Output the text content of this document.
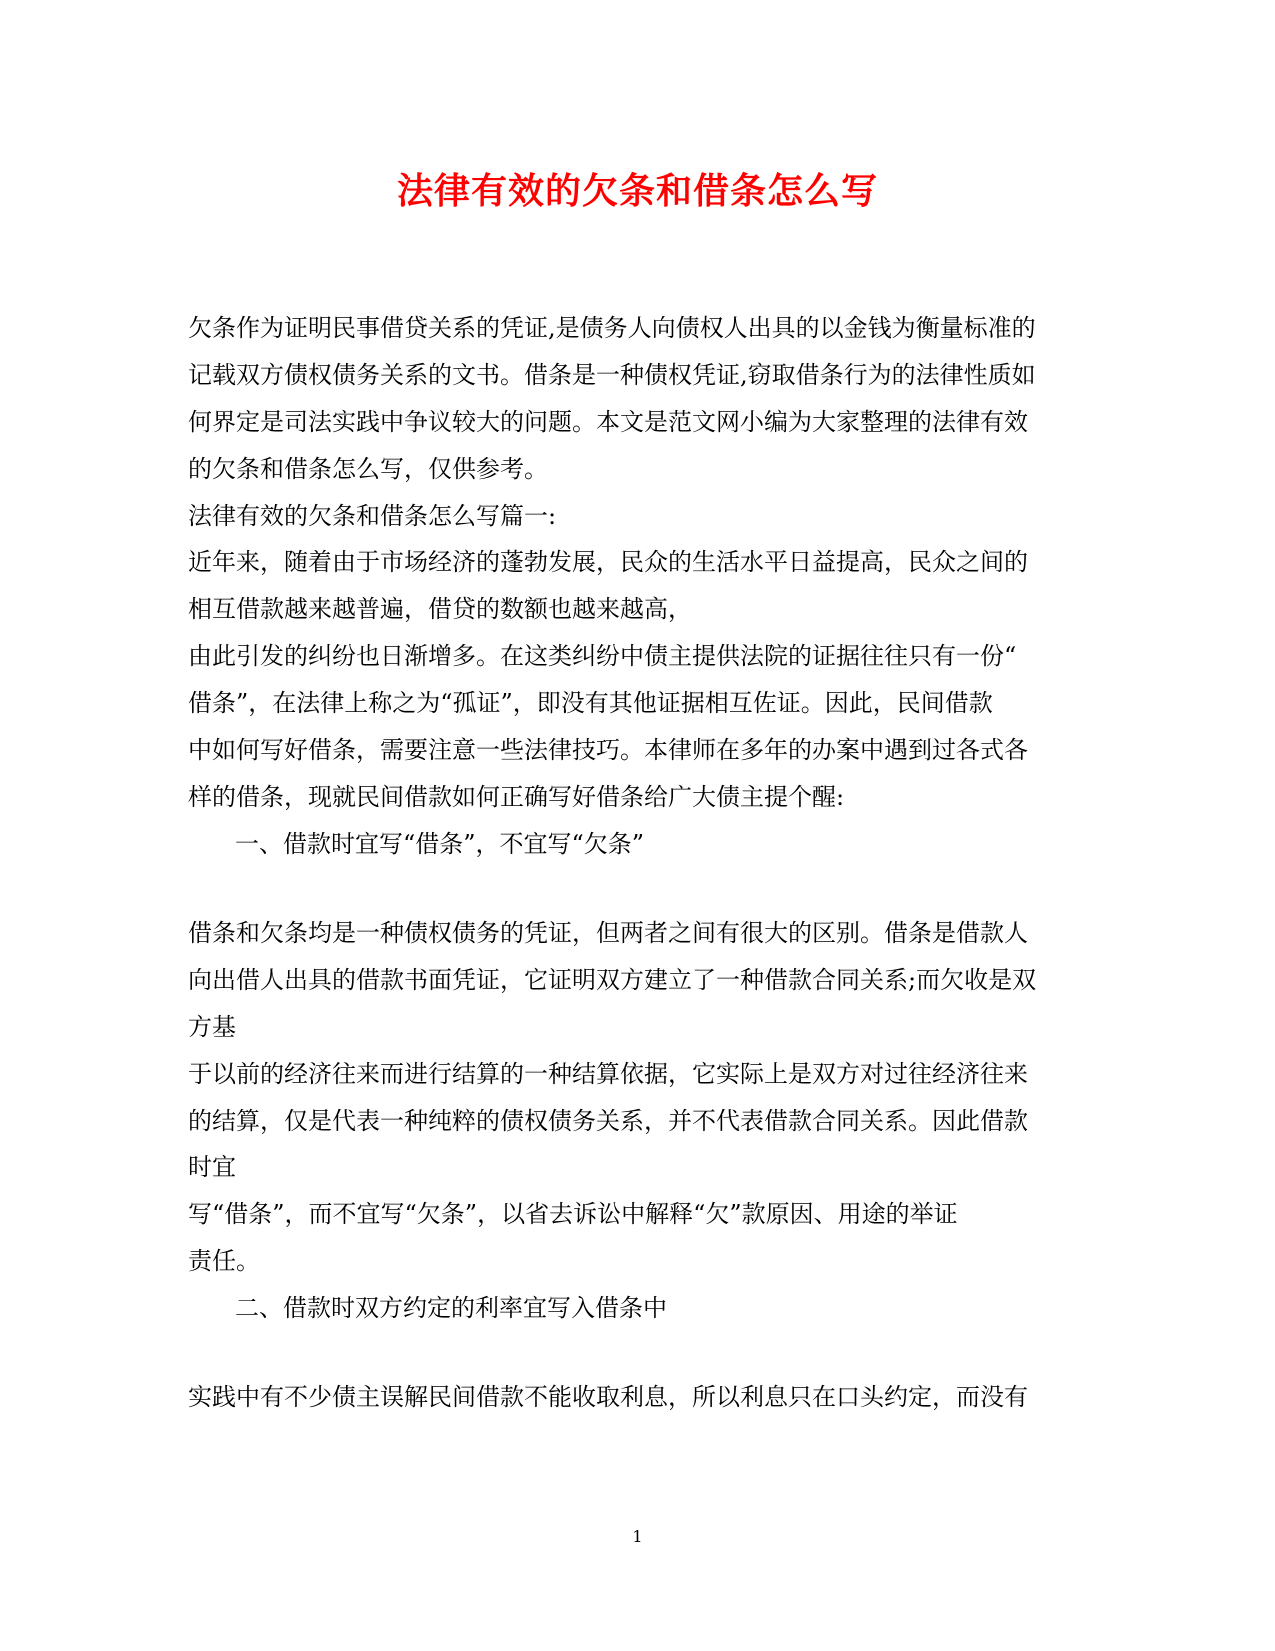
法律有效的欠条和借条怎么写
欠条作为证明民事借贷关系的凭证,是债务人向债权人出具的以金钱为衡量标准的
记载双方债权债务关系的文书。借条是一种债权凭证,窃取借条行为的法律性质如
何界定是司法实践中争议较大的问题。本文是范文网小编为大家整理的法律有效
的欠条和借条怎么写，仅供参考。
法律有效的欠条和借条怎么写篇一:
近年来，随着由于市场经济的蓬勃发展，民众的生活水平日益提高，民众之间的
相互借款越来越普遍，借贷的数额也越来越高，
由此引发的纠纷也日渐增多。在这类纠纷中债主提供法院的证据往往只有一份“
借条”，在法律上称之为“孤证”，即没有其他证据相互佐证。因此，民间借款
中如何写好借条，需要注意一些法律技巧。本律师在多年的办案中遇到过各式各
样的借条，现就民间借款如何正确写好借条给广大债主提个醒:
一、借款时宜写“借条”，不宜写“欠条”
借条和欠条均是一种债权债务的凭证，但两者之间有很大的区别。借条是借款人
向出借人出具的借款书面凭证，它证明双方建立了一种借款合同关系;而欠收是双
方基
于以前的经济往来而进行结算的一种结算依据，它实际上是双方对过往经济往来
的结算，仅是代表一种纯粹的债权债务关系，并不代表借款合同关系。因此借款
时宜
写“借条”，而不宜写“欠条”，以省去诉讼中解释“欠”款原因、用途的举证
责任。
二、借款时双方约定的利率宜写入借条中
实践中有不少债主误解民间借款不能收取利息，所以利息只在口头约定，而没有
1
